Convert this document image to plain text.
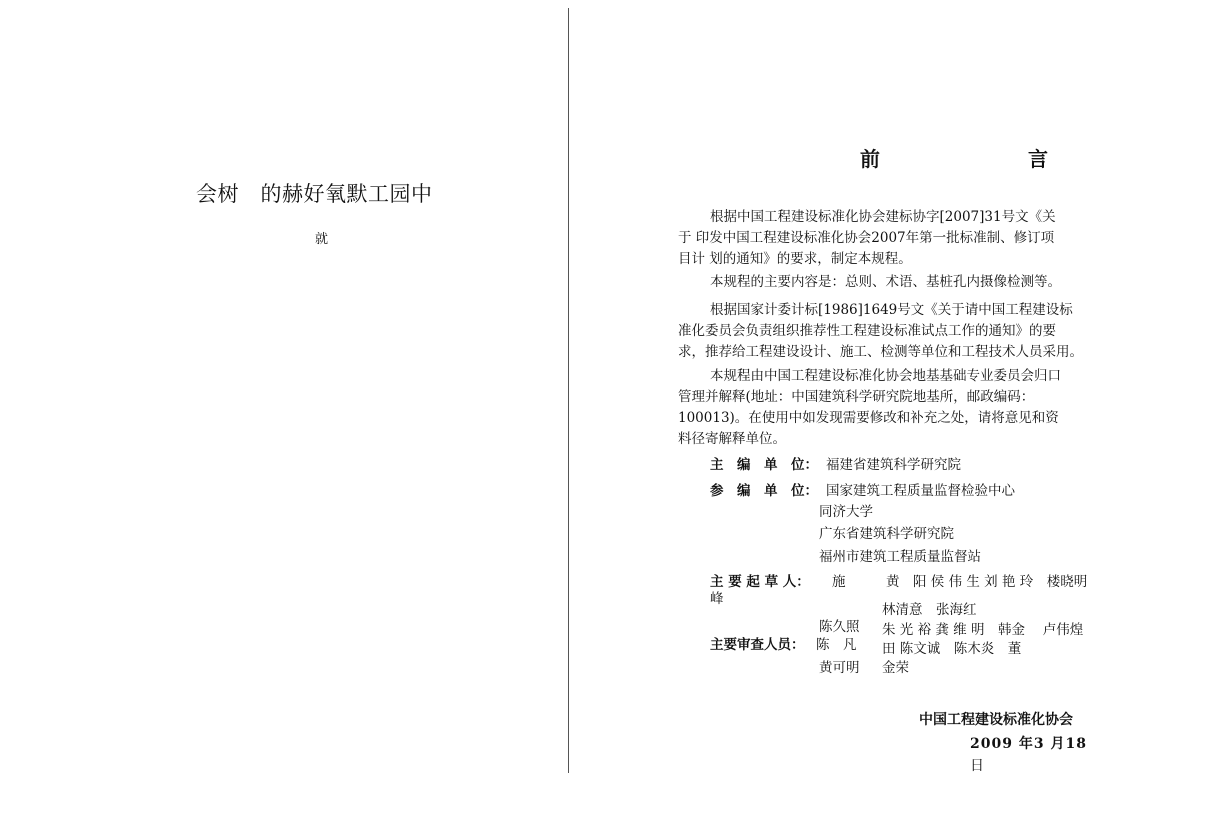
会树　的赫好氧默工园中
就
前　　言
根据中国工程建设标准化协会建标协字[2007]31号文《关
于 印发中国工程建设标准化协会2007年第一批标准制、修订项
目计 划的通知》的要求，制定本规程。
本规程的主要内容是：总则、术语、基桩孔内摄像检测等。
根据国家计委计标[1986]1649号文《关于请中国工程建设标
准化委员会负责组织推荐性工程建设标准试点工作的通知》的要
求，推荐给工程建设设计、施工、检测等单位和工程技术人员采用。
本规程由中国工程建设标准化协会地基基础专业委员会归口
管理并解释(地址：中国建筑科学研究院地基所，邮政编码：
100013)。在使用中如发现需要修改和补充之处，请将意见和资
料径寄解释单位。
主　编　单　位： 福建省建筑科学研究院
参　编　单　位： 国家建筑工程质量监督检验中心
同济大学
广东省建筑科学研究院
福州市建筑工程质量监督站
主 要 起 草 人： 施　　　黄　阳 侯 伟 生 刘 艳 玲　楼晓明
峰
林清意　张海红
陈久照 朱 光 裕 龚 维 明　韩金　 卢伟煌
主要审查人员： 陈　凡 田 陈文诚　陈木炎　董
黄可明 金荣
中国工程建设标准化协会
2009 年3 月18
日
